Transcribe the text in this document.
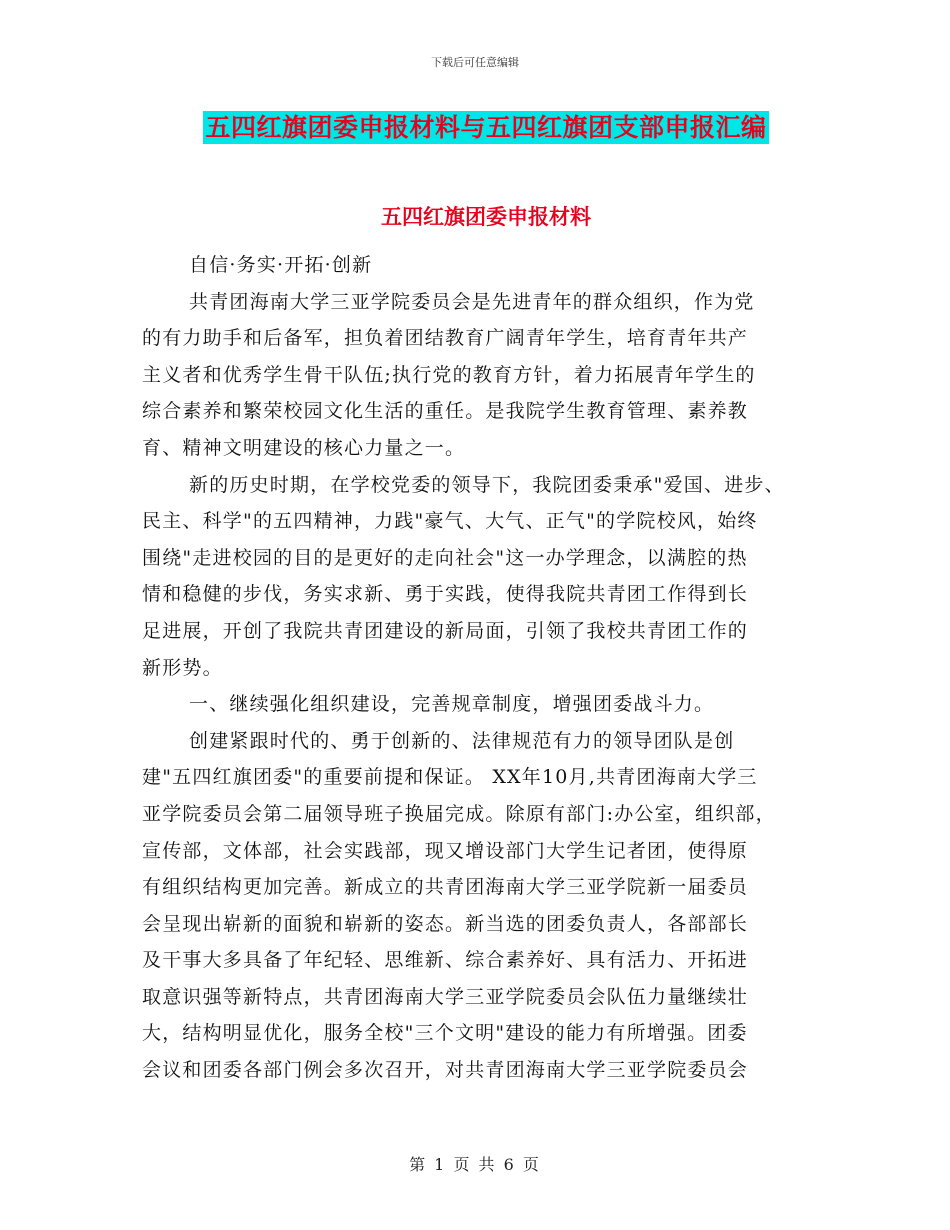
下载后可任意编辑
五四红旗团委申报材料与五四红旗团支部申报汇编
五四红旗团委申报材料
自信·务实·开拓·创新
共青团海南大学三亚学院委员会是先进青年的群众组织，作为党
的有力助手和后备军，担负着团结教育广阔青年学生，培育青年共产
主义者和优秀学生骨干队伍;执行党的教育方针，着力拓展青年学生的
综合素养和繁荣校园文化生活的重任。是我院学生教育管理、素养教
育、精神文明建设的核心力量之一。
新的历史时期，在学校党委的领导下，我院团委秉承"爱国、进步、
民主、科学"的五四精神，力践"豪气、大气、正气"的学院校风，始终
围绕"走进校园的目的是更好的走向社会"这一办学理念，以满腔的热
情和稳健的步伐，务实求新、勇于实践，使得我院共青团工作得到长
足进展，开创了我院共青团建设的新局面，引领了我校共青团工作的
新形势。
一、继续强化组织建设，完善规章制度，增强团委战斗力。
创建紧跟时代的、勇于创新的、法律规范有力的领导团队是创
建"五四红旗团委"的重要前提和保证。 XX年10月,共青团海南大学三
亚学院委员会第二届领导班子换届完成。除原有部门:办公室，组织部，
宣传部，文体部，社会实践部，现又增设部门大学生记者团，使得原
有组织结构更加完善。新成立的共青团海南大学三亚学院新一届委员
会呈现出崭新的面貌和崭新的姿态。新当选的团委负责人，各部部长
及干事大多具备了年纪轻、思维新、综合素养好、具有活力、开拓进
取意识强等新特点，共青团海南大学三亚学院委员会队伍力量继续壮
大，结构明显优化，服务全校"三个文明"建设的能力有所增强。团委
会议和团委各部门例会多次召开，对共青团海南大学三亚学院委员会
第 1 页 共 6 页
